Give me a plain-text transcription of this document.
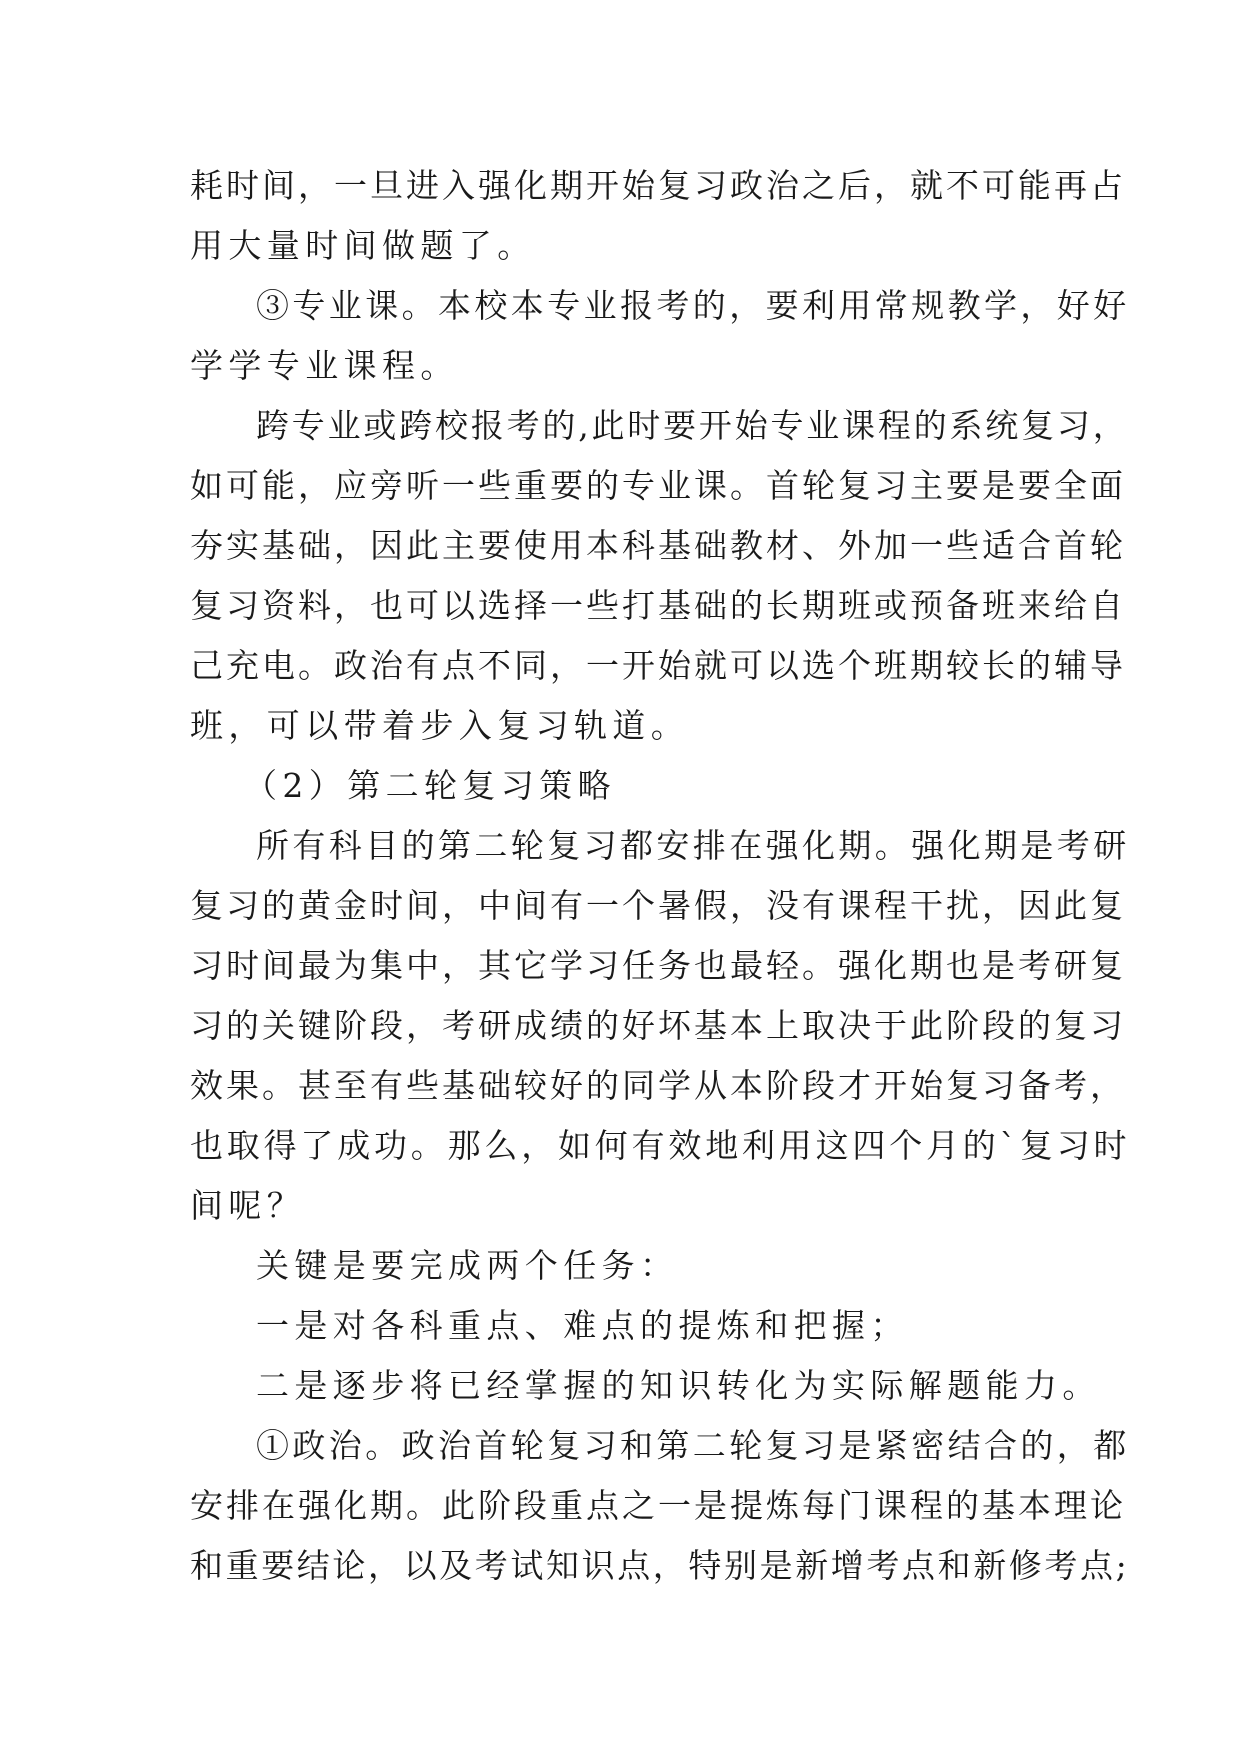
耗时间，一旦进入强化期开始复习政治之后，就不可能再占
用大量时间做题了。
③专业课。本校本专业报考的，要利用常规教学，好好
学学专业课程。
跨专业或跨校报考的,此时要开始专业课程的系统复习，
如可能，应旁听一些重要的专业课。首轮复习主要是要全面
夯实基础，因此主要使用本科基础教材、外加一些适合首轮
复习资料，也可以选择一些打基础的长期班或预备班来给自
己充电。政治有点不同，一开始就可以选个班期较长的辅导
班，可以带着步入复习轨道。
（2）第二轮复习策略
所有科目的第二轮复习都安排在强化期。强化期是考研
复习的黄金时间，中间有一个暑假，没有课程干扰，因此复
习时间最为集中，其它学习任务也最轻。强化期也是考研复
习的关键阶段，考研成绩的好坏基本上取决于此阶段的复习
效果。甚至有些基础较好的同学从本阶段才开始复习备考，
也取得了成功。那么，如何有效地利用这四个月的`复习时
间呢？
关键是要完成两个任务：
一是对各科重点、难点的提炼和把握；
二是逐步将已经掌握的知识转化为实际解题能力。
①政治。政治首轮复习和第二轮复习是紧密结合的，都
安排在强化期。此阶段重点之一是提炼每门课程的基本理论
和重要结论，以及考试知识点，特别是新增考点和新修考点;
